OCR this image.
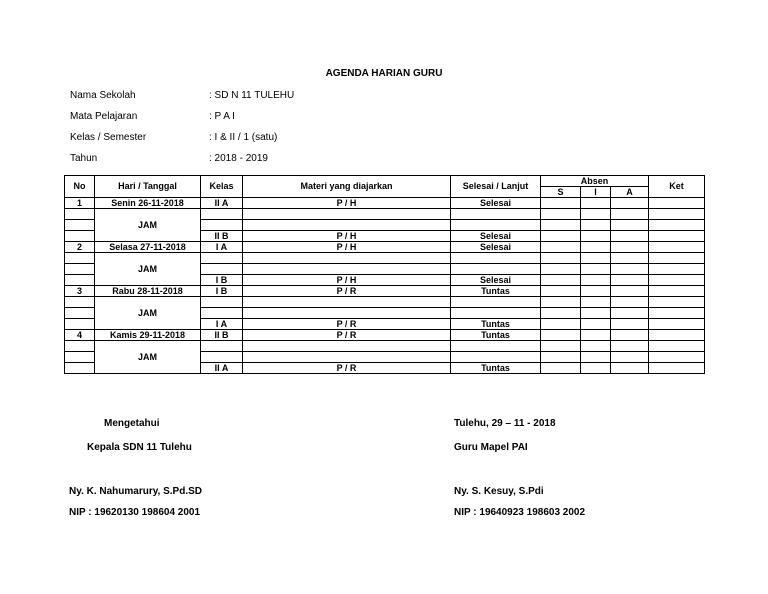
AGENDA HARIAN GURU
Nama Sekolah	: SD N 11 TULEHU
Mata Pelajaran	: P A I
Kelas / Semester	: I & II / 1 (satu)
Tahun	: 2018 - 2019
No	Hari / Tanggal	Kelas	Materi yang diajarkan	Selesai / Lanjut	Absen			Ket
					S	I	A	
1	Senin 26-11-2018	II A	P / H	Selesai				
	JAM							

		II B	P / H	Selesai				
2	Selasa 27-11-2018	I A	P / H	Selesai				
	JAM							

		I B	P / H	Selesai				
3	Rabu 28-11-2018	I B	P / R	Tuntas				
	JAM							

		I A	P / R	Tuntas				
4	Kamis 29-11-2018	II B	P / R	Tuntas				
	JAM							

		II A	P / R	Tuntas				
Mengetahui
Kepala SDN 11 Tulehu
Ny. K. Nahumarury, S.Pd.SD
NIP : 19620130 198604 2001
Tulehu, 29 – 11 - 2018
Guru Mapel PAI
Ny. S. Kesuy, S.Pdi
NIP : 19640923 198603 2002
